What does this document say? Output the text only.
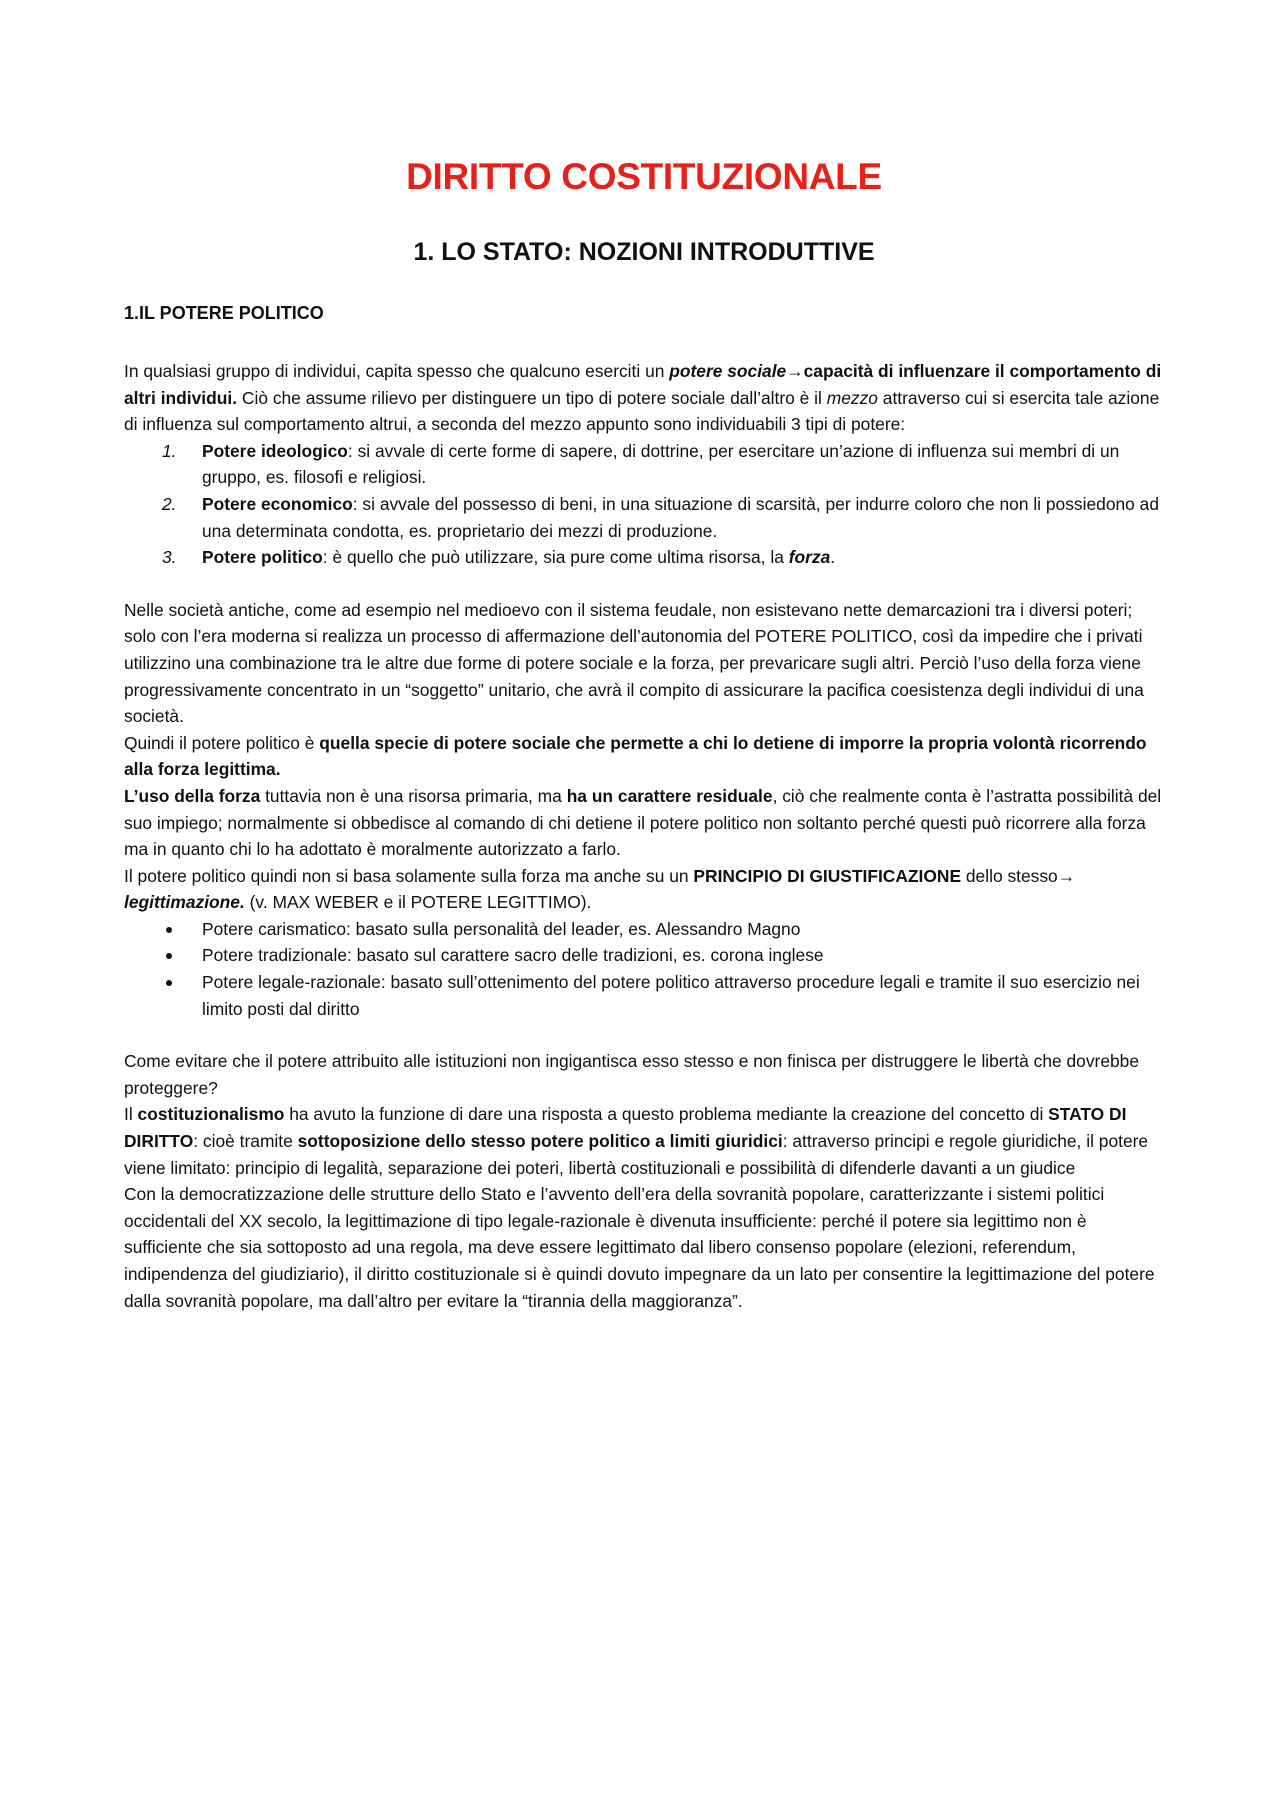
DIRITTO COSTITUZIONALE
1. LO STATO: NOZIONI INTRODUTTIVE
1.IL POTERE POLITICO

In qualsiasi gruppo di individui, capita spesso che qualcuno eserciti un potere sociale→capacità di influenzare il comportamento di altri individui. Ciò che assume rilievo per distinguere un tipo di potere sociale dall’altro è il mezzo attraverso cui si esercita tale azione di influenza sul comportamento altrui, a seconda del mezzo appunto sono individuabili 3 tipi di potere:

1. Potere ideologico: si avvale di certe forme di sapere, di dottrine, per esercitare un’azione di influenza sui membri di un gruppo, es. filosofi e religiosi.
2. Potere economico: si avvale del possesso di beni, in una situazione di scarsità, per indurre coloro che non li possiedono ad una determinata condotta, es. proprietario dei mezzi di produzione.
3. Potere politico: è quello che può utilizzare, sia pure come ultima risorsa, la forza.

Nelle società antiche, come ad esempio nel medioevo con il sistema feudale, non esistevano nette demarcazioni tra i diversi poteri; solo con l’era moderna si realizza un processo di affermazione dell’autonomia del POTERE POLITICO, così da impedire che i privati utilizzino una combinazione tra le altre due forme di potere sociale e la forza, per prevaricare sugli altri. Perciò l’uso della forza viene progressivamente concentrato in un “soggetto” unitario, che avrà il compito di assicurare la pacifica coesistenza degli individui di una società.

Quindi il potere politico è quella specie di potere sociale che permette a chi lo detiene di imporre la propria volontà ricorrendo alla forza legittima.

L’uso della forza tuttavia non è una risorsa primaria, ma ha un carattere residuale, ciò che realmente conta è l’astratta possibilità del suo impiego; normalmente si obbedisce al comando di chi detiene il potere politico non soltanto perché questi può ricorrere alla forza ma in quanto chi lo ha adottato è moralmente autorizzato a farlo.

Il potere politico quindi non si basa solamente sulla forza ma anche su un PRINCIPIO DI GIUSTIFICAZIONE dello stesso→ legittimazione. (v. MAX WEBER e il POTERE LEGITTIMO).

Potere carismatico: basato sulla personalità del leader, es. Alessandro Magno
Potere tradizionale: basato sul carattere sacro delle tradizioni, es. corona inglese
Potere legale-razionale: basato sull’ottenimento del potere politico attraverso procedure legali e tramite il suo esercizio nei limito posti dal diritto

Come evitare che il potere attribuito alle istituzioni non ingigantisca esso stesso e non finisca per distruggere le libertà che dovrebbe proteggere?

Il costituzionalismo ha avuto la funzione di dare una risposta a questo problema mediante la creazione del concetto di STATO DI DIRITTO: cioè tramite sottoposizione dello stesso potere politico a limiti giuridici: attraverso principi e regole giuridiche, il potere viene limitato: principio di legalità, separazione dei poteri, libertà costituzionali e possibilità di difenderle davanti a un giudice

Con la democratizzazione delle strutture dello Stato e l’avvento dell’era della sovranità popolare, caratterizzante i sistemi politici occidentali del XX secolo, la legittimazione di tipo legale-razionale è divenuta insufficiente: perché il potere sia legittimo non è sufficiente che sia sottoposto ad una regola, ma deve essere legittimato dal libero consenso popolare (elezioni, referendum, indipendenza del giudiziario), il diritto costituzionale si è quindi dovuto impegnare da un lato per consentire la legittimazione del potere dalla sovranità popolare, ma dall’altro per evitare la “tirannia della maggioranza”.
